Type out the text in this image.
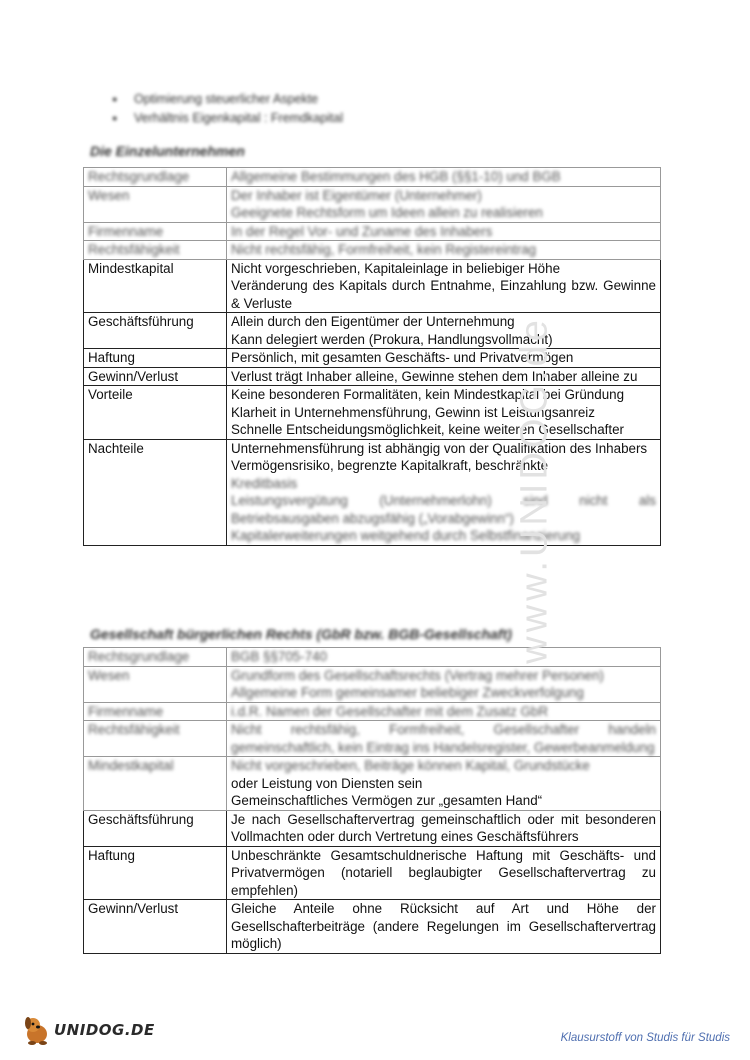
● Optimierung steuerlicher Aspekte
● Verhältnis Eigenkapital : Fremdkapital
Die Einzelunternehmen
Rechtsgrundlage	Allgemeine Bestimmungen des HGB (§§1-10) und BGB

Wesen	Der Inhaber ist Eigentümer (Unternehmer)
Geeignete Rechtsform um Ideen allein zu realisieren

Firmenname	In der Regel Vor- und Zuname des Inhabers

Rechtsfähigkeit	Nicht rechtsfähig, Formfreiheit, kein Registereintrag

Mindestkapital	Nicht vorgeschrieben, Kapitaleinlage in beliebiger Höhe
Veränderung des Kapitals durch Entnahme, Einzahlung bzw. Gewinne & Verluste

Geschäftsführung	Allein durch den Eigentümer der Unternehmung
Kann delegiert werden (Prokura, Handlungsvollmacht)

Haftung	Persönlich, mit gesamten Geschäfts- und Privatvermögen

Gewinn/Verlust	Verlust trägt Inhaber alleine, Gewinne stehen dem Inhaber alleine zu

Vorteile	Keine besonderen Formalitäten, kein Mindestkapital bei Gründung
Klarheit in Unternehmensführung, Gewinn ist Leistungsanreiz
Schnelle Entscheidungsmöglichkeit, keine weiteren Gesellschafter

Nachteile	Unternehmensführung ist abhängig von der Qualifikation des Inhabers
Vermögensrisiko, begrenzte Kapitalkraft, beschränkte
Kreditbasis
Leistungsvergütung (Unternehmerlohn) sind nicht als Betriebsausgaben abzugsfähig („Vorabgewinn“)
Kapitalerweiterungen weitgehend durch Selbstfinanzierung
Gesellschaft bürgerlichen Rechts (GbR bzw. BGB-Gesellschaft)
Rechtsgrundlage	BGB §§705-740

Wesen	Grundform des Gesellschaftsrechts (Vertrag mehrer Personen)
Allgemeine Form gemeinsamer beliebiger Zweckverfolgung

Firmenname	i.d.R. Namen der Gesellschafter mit dem Zusatz GbR

Rechtsfähigkeit	Nicht rechtsfähig, Formfreiheit, Gesellschafter handeln gemeinschaftlich, kein Eintrag ins Handelsregister, Gewerbeanmeldung

Mindestkapital	Nicht vorgeschrieben, Beiträge können Kapital, Grundstücke
oder Leistung von Diensten sein
Gemeinschaftliches Vermögen zur „gesamten Hand“

Geschäftsführung	Je nach Gesellschaftervertrag gemeinschaftlich oder mit besonderen Vollmachten oder durch Vertretung eines Geschäftsführers

Haftung	Unbeschränkte Gesamtschuldnerische Haftung mit Geschäfts- und Privatvermögen (notariell beglaubigter Gesellschaftervertrag zu empfehlen)

Gewinn/Verlust	Gleiche Anteile ohne Rücksicht auf Art und Höhe der Gesellschafterbeiträge (andere Regelungen im Gesellschaftervertrag möglich)
www.UNIDOG.de
UNIDOG.DE	Klausurstoff von Studis für Studis
